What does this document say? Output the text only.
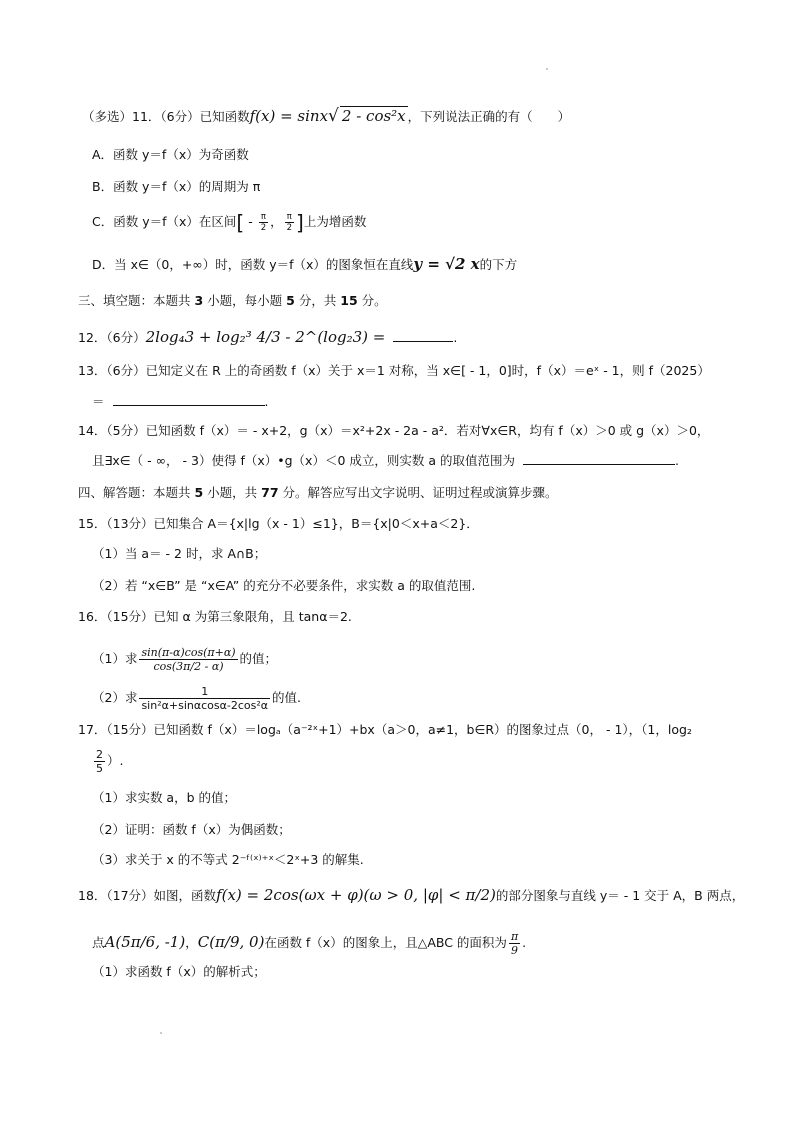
（多选）11．（6分）已知函数f(x) = sinx√ 2 - cos²x ，下列说法正确的有（　　）
A．函数 y＝f（x）为奇函数
B．函数 y＝f（x）的周期为 π
C．函数 y＝f（x）在区间[ - $\frac{\pi}{2}$ ， $\frac{\pi}{2}$ ]上为增函数
D．当 x∈（0，+∞）时，函数 y＝f（x）的图象恒在直线y = √2 x的下方
三、填空题：本题共 3 小题，每小题 5 分，共 15 分。
12．（6分）2log₄3 + log₂³ 4/3 - 2^(log₂3) =	.
13．（6分）已知定义在 R 上的奇函数 f（x）关于 x＝1 对称，当 x∈[ - 1，0]时，f（x）＝eˣ - 1，则 f（2025）
＝	.
14．（5分）已知函数 f（x）＝ - x+2，g（x）＝x²+2x - 2a - a²．若对∀x∈R，均有 f（x）＞0 或 g（x）＞0，
且∃x∈（ - ∞， - 3）使得 f（x）•g（x）＜0 成立，则实数 a 的取值范围为	.
四、解答题：本题共 5 小题，共 77 分。解答应写出文字说明、证明过程或演算步骤。
15．（13分）已知集合 A＝{x|lg（x - 1）≤1}，B＝{x|0＜x+a＜2}．
（1）当 a＝ - 2 时，求 A∩B；
（2）若 “x∈B” 是 “x∈A” 的充分不必要条件，求实数 a 的取值范围.
16．（15分）已知 α 为第三象限角，且 tanα＝2.
（1）求 $\frac{\sin(\pi-\alpha)\cos(\pi+\alpha)}{\cos(3\pi/2 - \alpha)}$ 的值；
（2）求 $\frac{1}{\text{sin²α+sinαcosα-2cos²α}}$ 的值.
17．（15分）已知函数 f（x）＝logₐ（a⁻²ˣ+1）+bx（a＞0，a≠1，b∈R）的图象过点（0， - 1），（1，log₂
$\frac{2}{5}$ ）.
（1）求实数 a，b 的值；
（2）证明：函数 f（x）为偶函数；
（3）求关于 x 的不等式 2⁻ᶠ⁽ˣ⁾⁺ˣ＜2ˣ+3 的解集.
18．（17分）如图，函数f(x) = 2cos(ωx + φ)(ω > 0, |φ| < π/2)的部分图象与直线 y＝ - 1 交于 A，B 两点，
点A(5π/6, -1)，C(π/9, 0)在函数 f（x）的图象上，且△ABC 的面积为 $\frac{\pi}{9}$ .
（1）求函数 f（x）的解析式；
